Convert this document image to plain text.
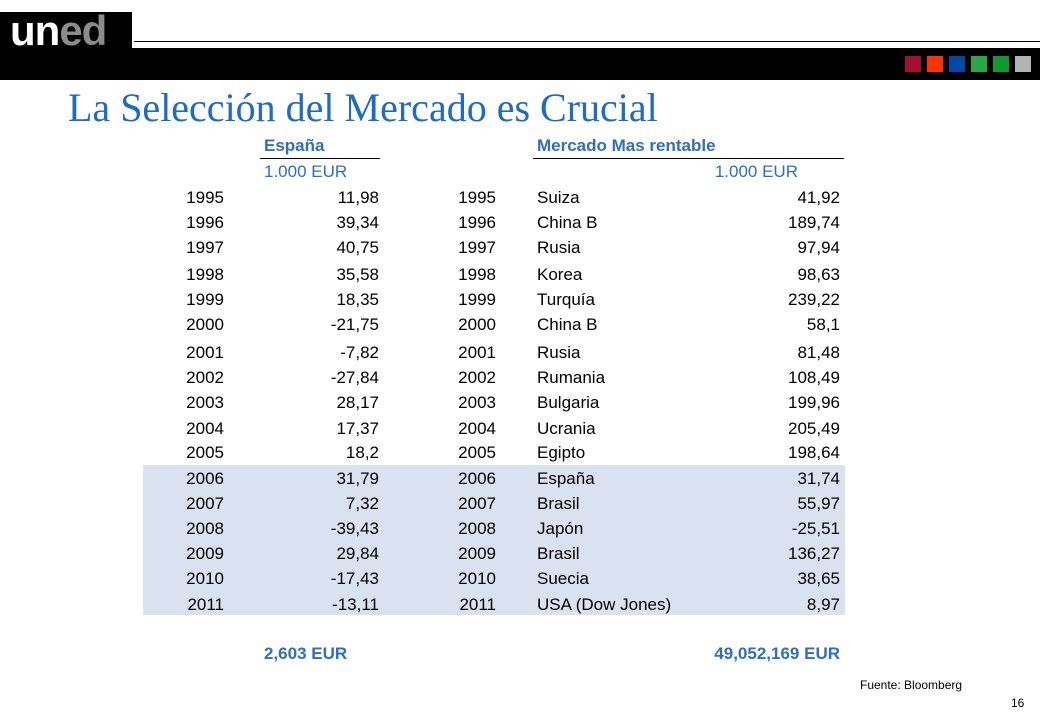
uned
La Selección del Mercado es Crucial
España
1.000 EUR
Mercado Mas rentable
1.000 EUR
1995	11,98	1995 Suiza	41,92
1996	39,34	1996 China B	189,74
1997	40,75	1997 Rusia	97,94
1998	35,58	1998 Korea	98,63
1999	18,35	1999 Turquía	239,22
2000	-21,75	2000 China B	58,1
2001	-7,82	2001 Rusia	81,48
2002	-27,84	2002 Rumania	108,49
2003	28,17	2003 Bulgaria	199,96
2004	17,37	2004 Ucrania	205,49
2005	18,2	2005 Egipto	198,64
2006	31,79	2006 España	31,74
2007	7,32	2007 Brasil	55,97
2008	-39,43	2008 Japón	-25,51
2009	29,84	2009 Brasil	136,27
2010	-17,43	2010 Suecia	38,65
2011	-13,11	2011 USA (Dow Jones)	8,97
2,603 EUR	49,052,169 EUR
Fuente: Bloomberg
16
